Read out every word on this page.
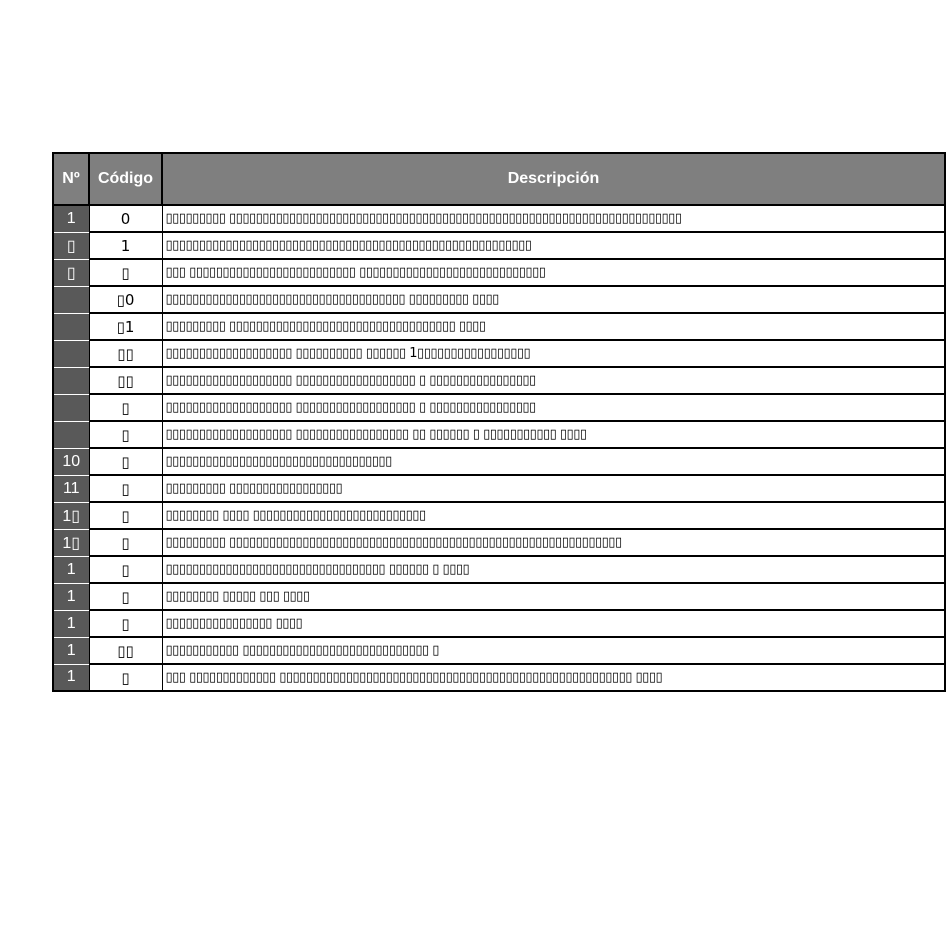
Nº	Código	Descripción
1	0	▯▯▯▯▯▯▯▯▯ ▯▯▯▯▯▯▯▯▯▯▯▯▯▯▯▯▯▯▯▯▯▯▯▯▯▯▯▯▯▯▯▯▯▯▯▯▯▯▯▯▯▯▯▯▯▯▯▯▯▯▯▯▯▯▯▯▯▯▯▯▯▯▯▯▯▯▯▯
▯	1	▯▯▯▯▯▯▯▯▯▯▯▯▯▯▯▯▯▯▯▯▯▯▯▯▯▯▯▯▯▯▯▯▯▯▯▯▯▯▯▯▯▯▯▯▯▯▯▯▯▯▯▯▯▯▯
▯	▯	▯▯▯ ▯▯▯▯▯▯▯▯▯▯▯▯▯▯▯▯▯▯▯▯▯▯▯▯▯ ▯▯▯▯▯▯▯▯▯▯▯▯▯▯▯▯▯▯▯▯▯▯▯▯▯▯▯▯
	▯0	▯▯▯▯▯▯▯▯▯▯▯▯▯▯▯▯▯▯▯▯▯▯▯▯▯▯▯▯▯▯▯▯▯▯▯▯ ▯▯▯▯▯▯▯▯▯ ▯▯▯▯
	▯1	▯▯▯▯▯▯▯▯▯ ▯▯▯▯▯▯▯▯▯▯▯▯▯▯▯▯▯▯▯▯▯▯▯▯▯▯▯▯▯▯▯▯▯▯ ▯▯▯▯
	▯▯	▯▯▯▯▯▯▯▯▯▯▯▯▯▯▯▯▯▯▯ ▯▯▯▯▯▯▯▯▯▯ ▯▯▯▯▯▯ 1▯▯▯▯▯▯▯▯▯▯▯▯▯▯▯▯▯
	▯▯	▯▯▯▯▯▯▯▯▯▯▯▯▯▯▯▯▯▯▯ ▯▯▯▯▯▯▯▯▯▯▯▯▯▯▯▯▯▯ ▯ ▯▯▯▯▯▯▯▯▯▯▯▯▯▯▯▯
	▯	▯▯▯▯▯▯▯▯▯▯▯▯▯▯▯▯▯▯▯ ▯▯▯▯▯▯▯▯▯▯▯▯▯▯▯▯▯▯ ▯ ▯▯▯▯▯▯▯▯▯▯▯▯▯▯▯▯
	▯	▯▯▯▯▯▯▯▯▯▯▯▯▯▯▯▯▯▯▯ ▯▯▯▯▯▯▯▯▯▯▯▯▯▯▯▯▯ ▯▯ ▯▯▯▯▯▯ ▯ ▯▯▯▯▯▯▯▯▯▯▯ ▯▯▯▯
10	▯	▯▯▯▯▯▯▯▯▯▯▯▯▯▯▯▯▯▯▯▯▯▯▯▯▯▯▯▯▯▯▯▯▯▯
11	▯	▯▯▯▯▯▯▯▯▯ ▯▯▯▯▯▯▯▯▯▯▯▯▯▯▯▯▯
1▯	▯	▯▯▯▯▯▯▯▯ ▯▯▯▯ ▯▯▯▯▯▯▯▯▯▯▯▯▯▯▯▯▯▯▯▯▯▯▯▯▯▯
1▯	▯	▯▯▯▯▯▯▯▯▯ ▯▯▯▯▯▯▯▯▯▯▯▯▯▯▯▯▯▯▯▯▯▯▯▯▯▯▯▯▯▯▯▯▯▯▯▯▯▯▯▯▯▯▯▯▯▯▯▯▯▯▯▯▯▯▯▯▯▯▯
1	▯	▯▯▯▯▯▯▯▯▯▯▯▯▯▯▯▯▯▯▯▯▯▯▯▯▯▯▯▯▯▯▯▯▯ ▯▯▯▯▯▯ ▯ ▯▯▯▯
1	▯	▯▯▯▯▯▯▯▯ ▯▯▯▯▯ ▯▯▯ ▯▯▯▯
1	▯	▯▯▯▯▯▯▯▯▯▯▯▯▯▯▯▯ ▯▯▯▯
1	▯▯	▯▯▯▯▯▯▯▯▯▯▯ ▯▯▯▯▯▯▯▯▯▯▯▯▯▯▯▯▯▯▯▯▯▯▯▯▯▯▯▯ ▯
1	▯	▯▯▯ ▯▯▯▯▯▯▯▯▯▯▯▯▯ ▯▯▯▯▯▯▯▯▯▯▯▯▯▯▯▯▯▯▯▯▯▯▯▯▯▯▯▯▯▯▯▯▯▯▯▯▯▯▯▯▯▯▯▯▯▯▯▯▯▯▯▯▯ ▯▯▯▯
